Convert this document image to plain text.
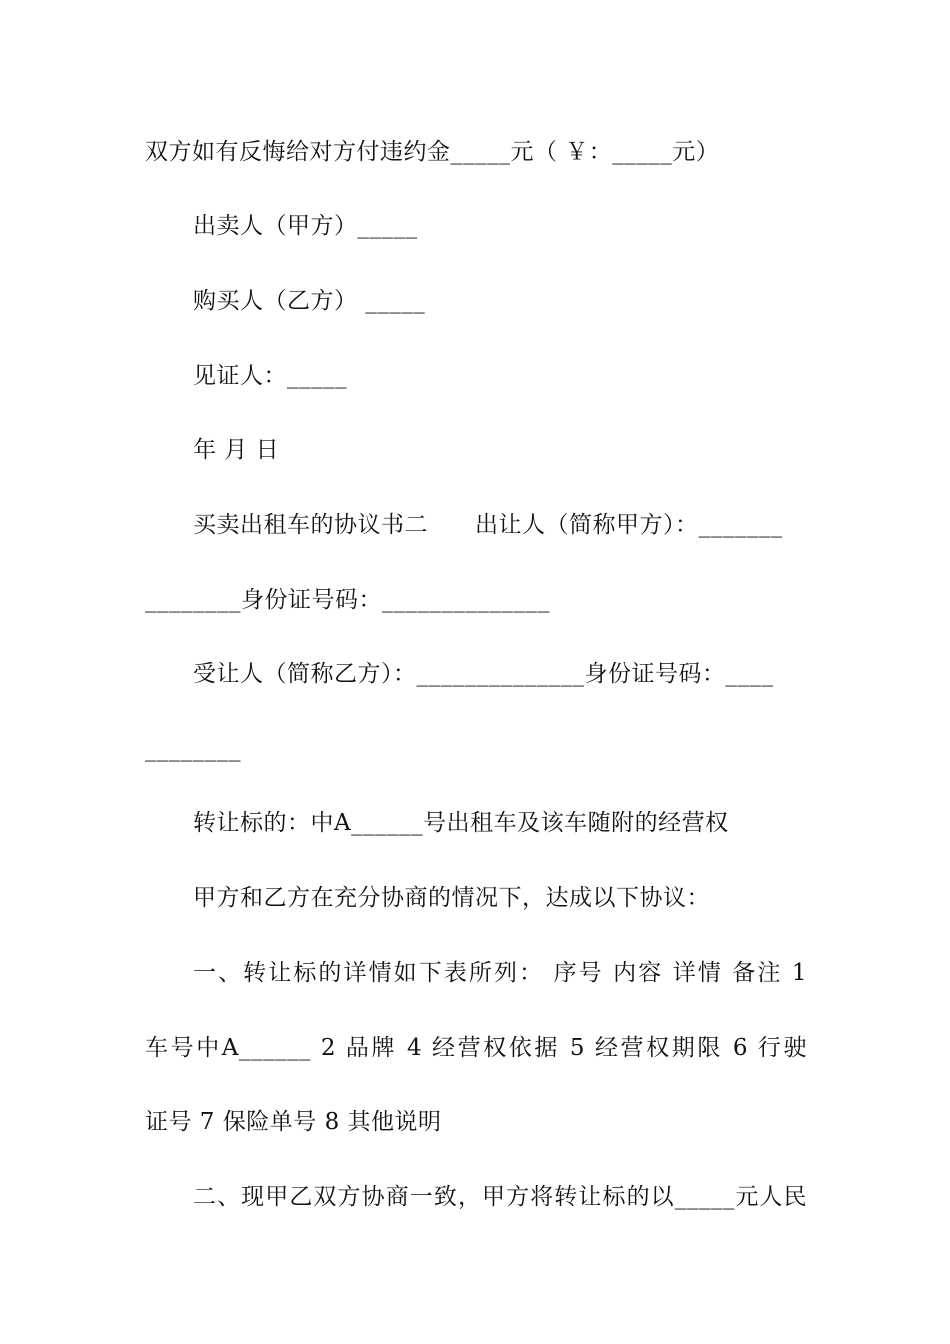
双方如有反悔给对方付违约金_____元（ ￥：_____元）
出卖人（甲方）_____
购买人（乙方） _____
见证人：_____
年 月 日
买卖出租车的协议书二　　出让人（简称甲方）：_______
________身份证号码：______________
受让人（简称乙方）：______________身份证号码：____
________
转让标的：中A______号出租车及该车随附的经营权
甲方和乙方在充分协商的情况下，达成以下协议：
一、转让标的详情如下表所列： 序号 内容 详情 备注 1
车号中A______ 2 品牌 4 经营权依据 5 经营权期限 6 行驶
证号 7 保险单号 8 其他说明
二、现甲乙双方协商一致，甲方将转让标的以_____元人民
